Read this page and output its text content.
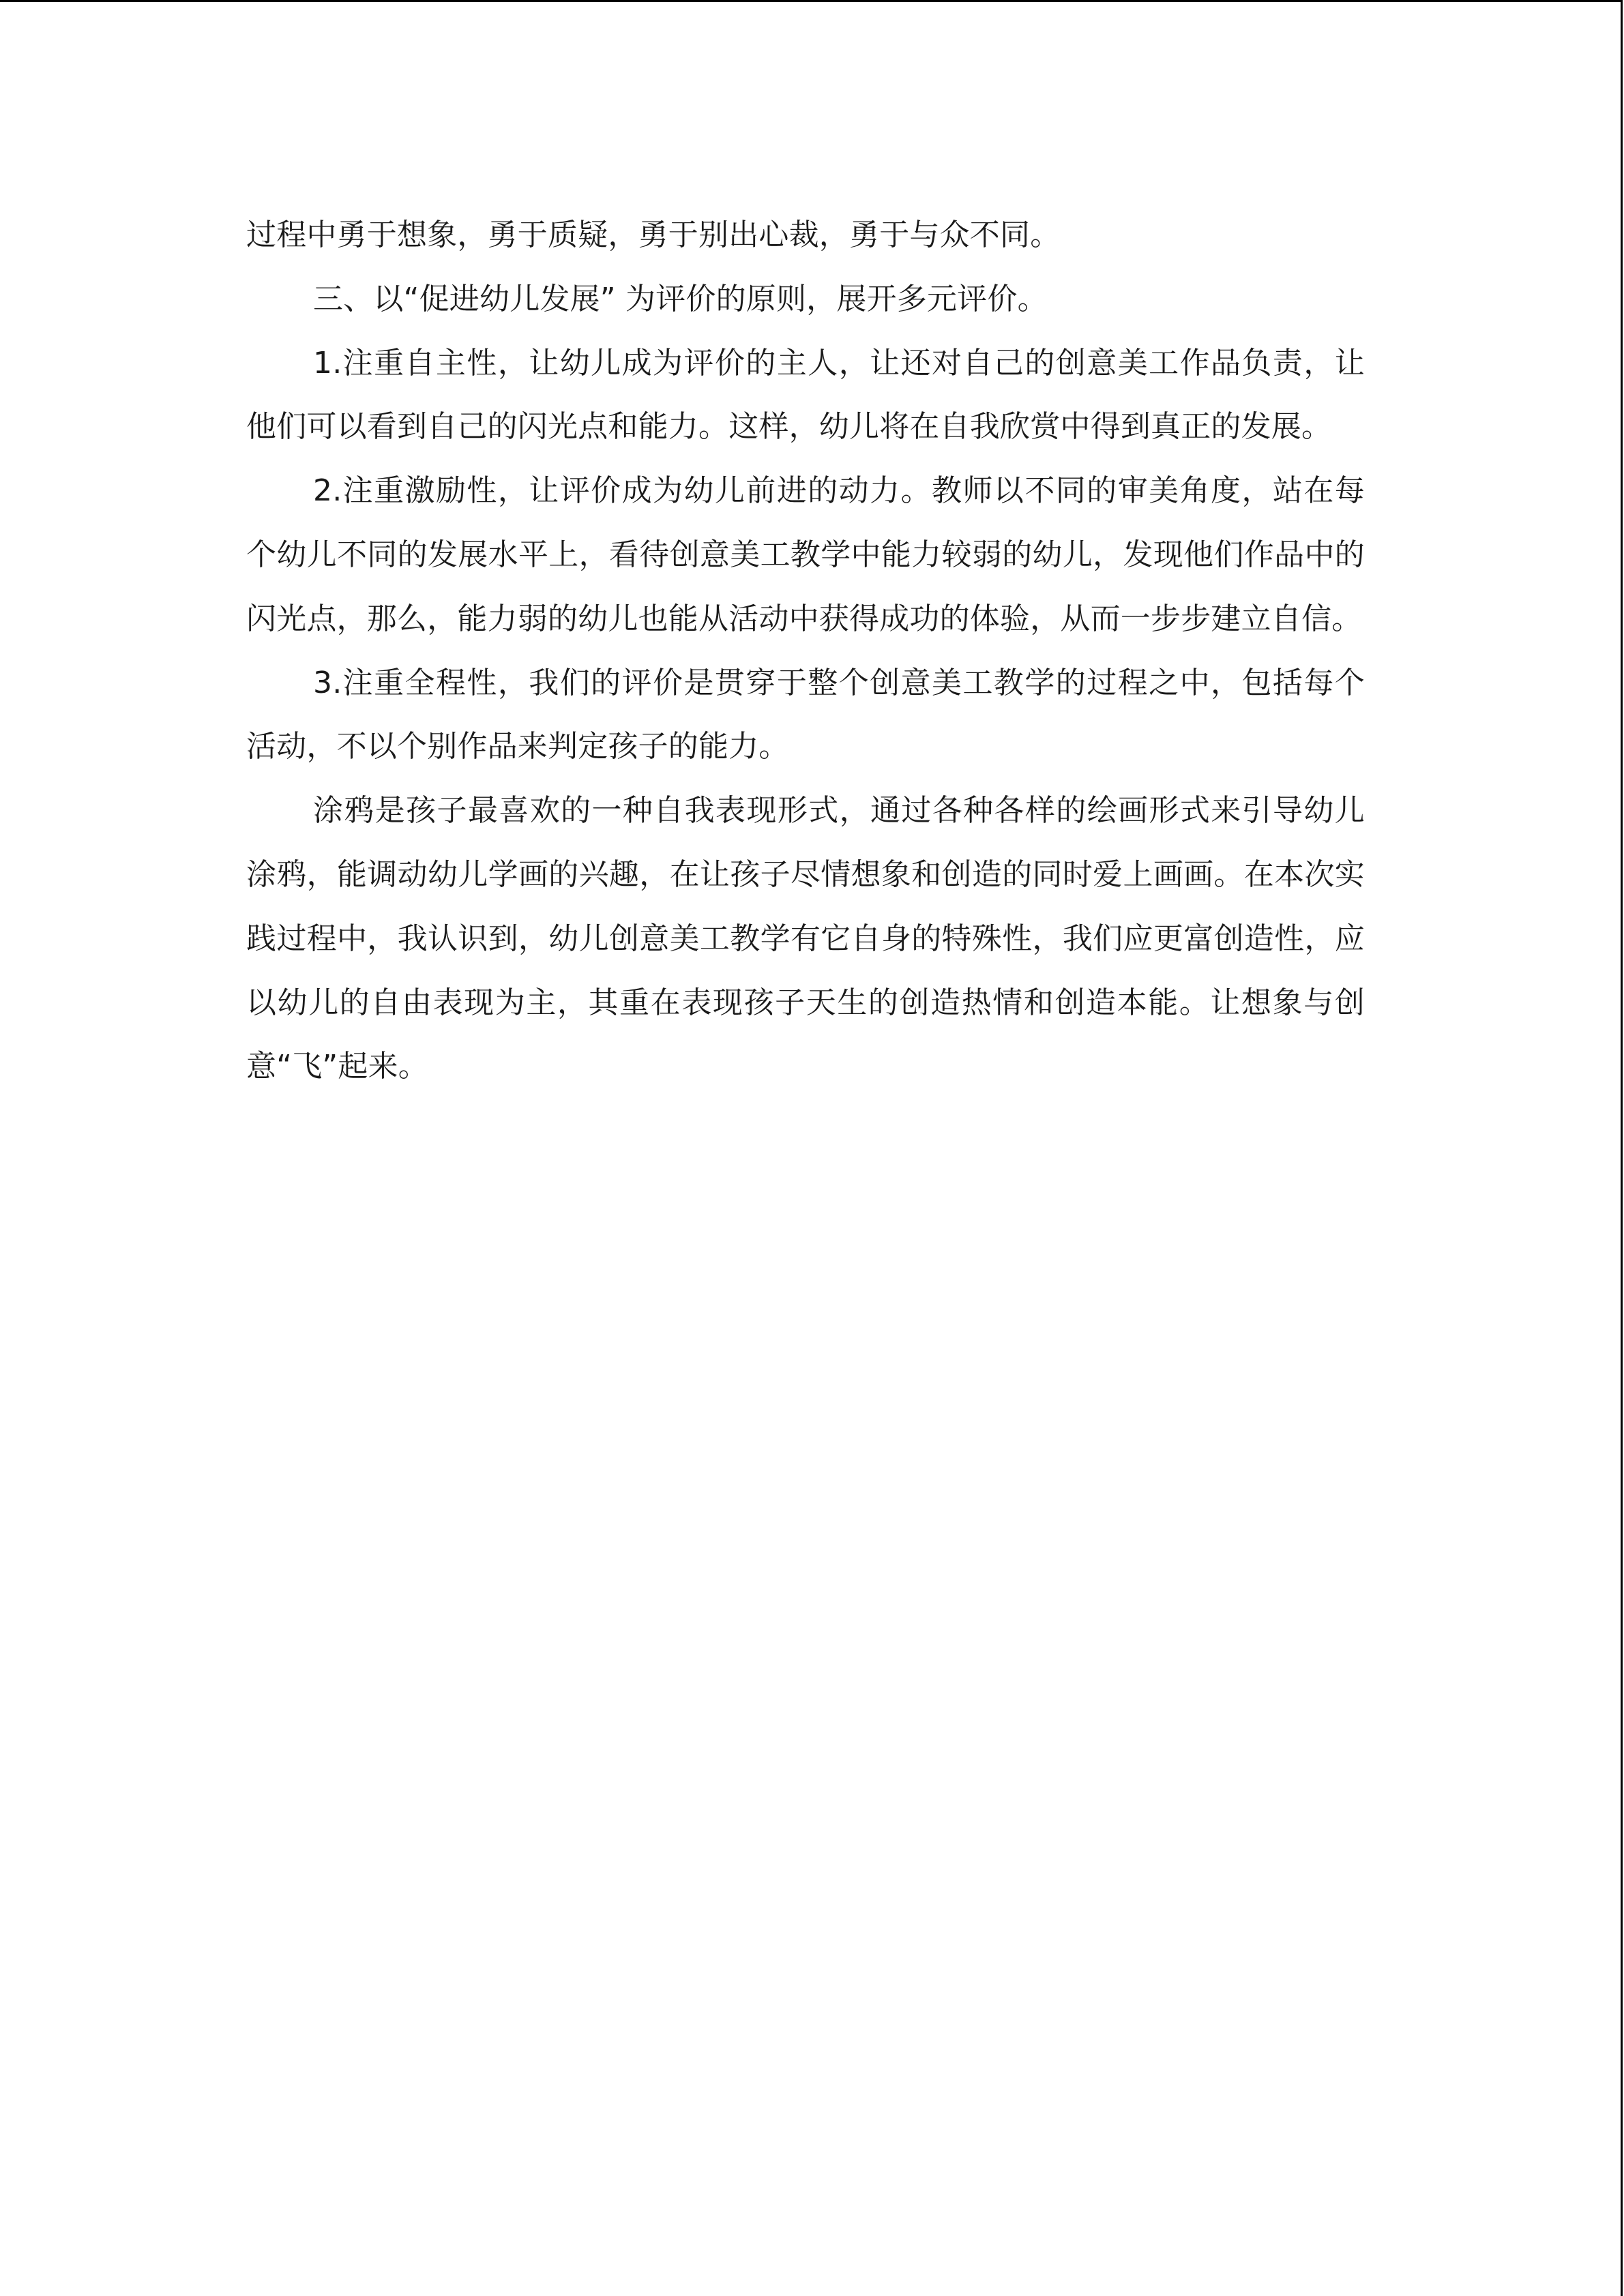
过程中勇于想象，勇于质疑，勇于别出心裁，勇于与众不同。

三、以“促进幼儿发展” 为评价的原则，展开多元评价。

1.注重自主性，让幼儿成为评价的主人，让还对自己的创意美工作品负责，让他们可以看到自己的闪光点和能力。这样，幼儿将在自我欣赏中得到真正的发展。

2.注重激励性，让评价成为幼儿前进的动力。教师以不同的审美角度，站在每个幼儿不同的发展水平上，看待创意美工教学中能力较弱的幼儿，发现他们作品中的闪光点，那么，能力弱的幼儿也能从活动中获得成功的体验，从而一步步建立自信。

3.注重全程性，我们的评价是贯穿于整个创意美工教学的过程之中，包括每个活动，不以个别作品来判定孩子的能力。

涂鸦是孩子最喜欢的一种自我表现形式，通过各种各样的绘画形式来引导幼儿涂鸦，能调动幼儿学画的兴趣，在让孩子尽情想象和创造的同时爱上画画。在本次实践过程中，我认识到，幼儿创意美工教学有它自身的特殊性，我们应更富创造性，应以幼儿的自由表现为主，其重在表现孩子天生的创造热情和创造本能。让想象与创意“飞”起来。
